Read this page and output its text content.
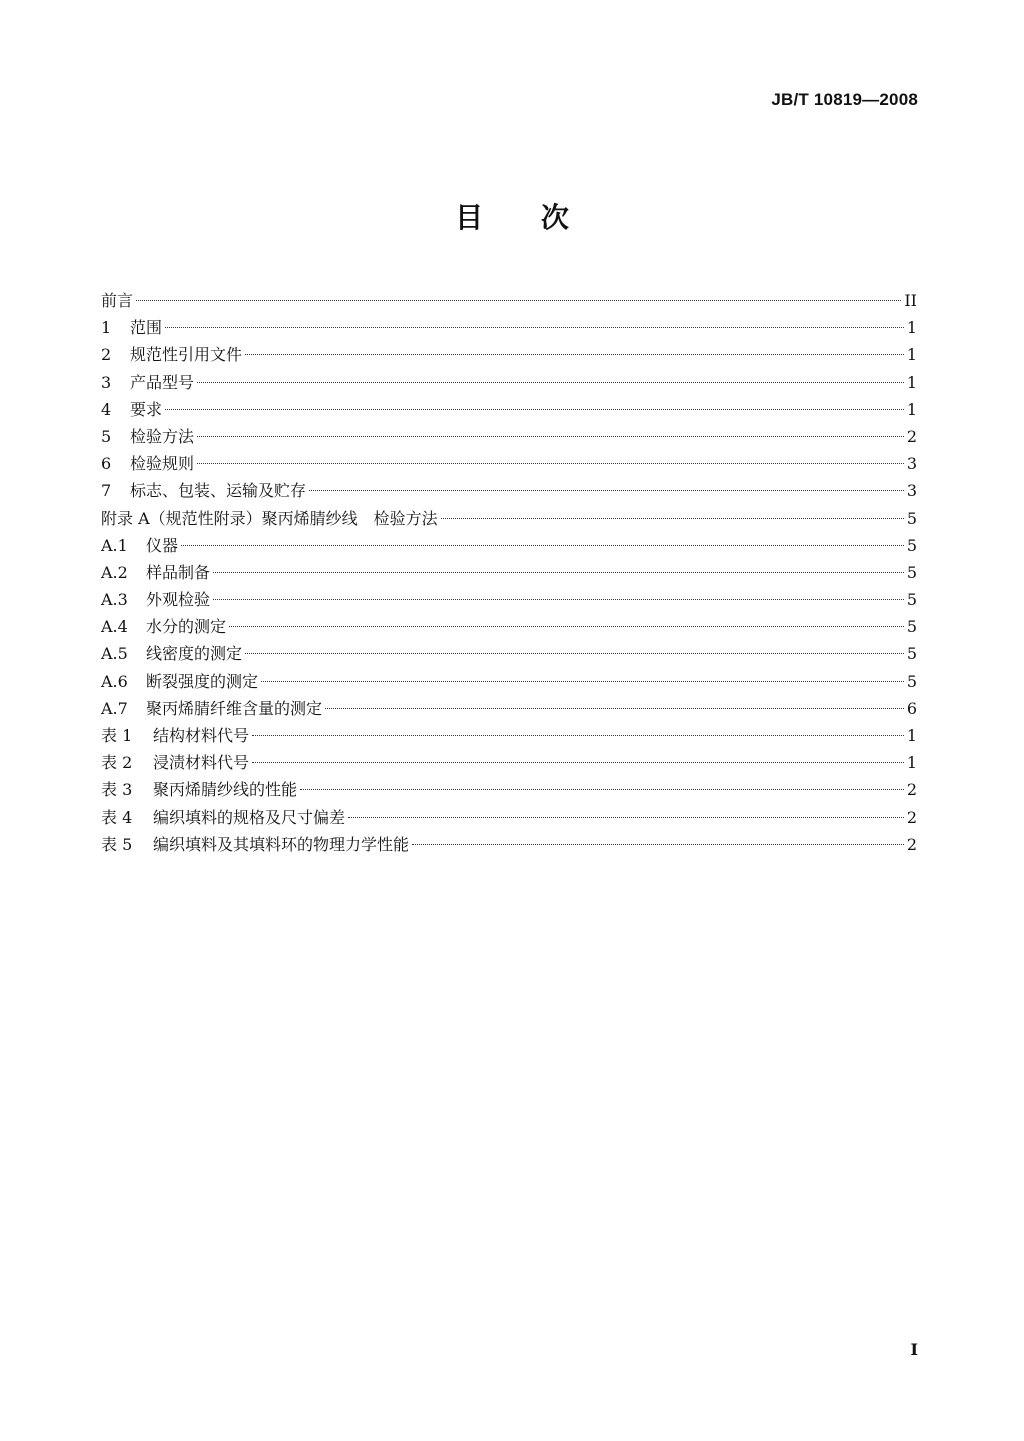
JB/T 10819—2008
目 次
前言	II
1	范围	1
2	规范性引用文件	1
3	产品型号	1
4	要求	1
5	检验方法	2
6	检验规则	3
7	标志、包装、运输及贮存	3
附录 A（规范性附录）聚丙烯腈纱线　检验方法	5
A.1	仪器	5
A.2	样品制备	5
A.3	外观检验	5
A.4	水分的测定	5
A.5	线密度的测定	5
A.6	断裂强度的测定	5
A.7	聚丙烯腈纤维含量的测定	6
表 1	结构材料代号	1
表 2	浸渍材料代号	1
表 3	聚丙烯腈纱线的性能	2
表 4	编织填料的规格及尺寸偏差	2
表 5	编织填料及其填料环的物理力学性能	2
I
